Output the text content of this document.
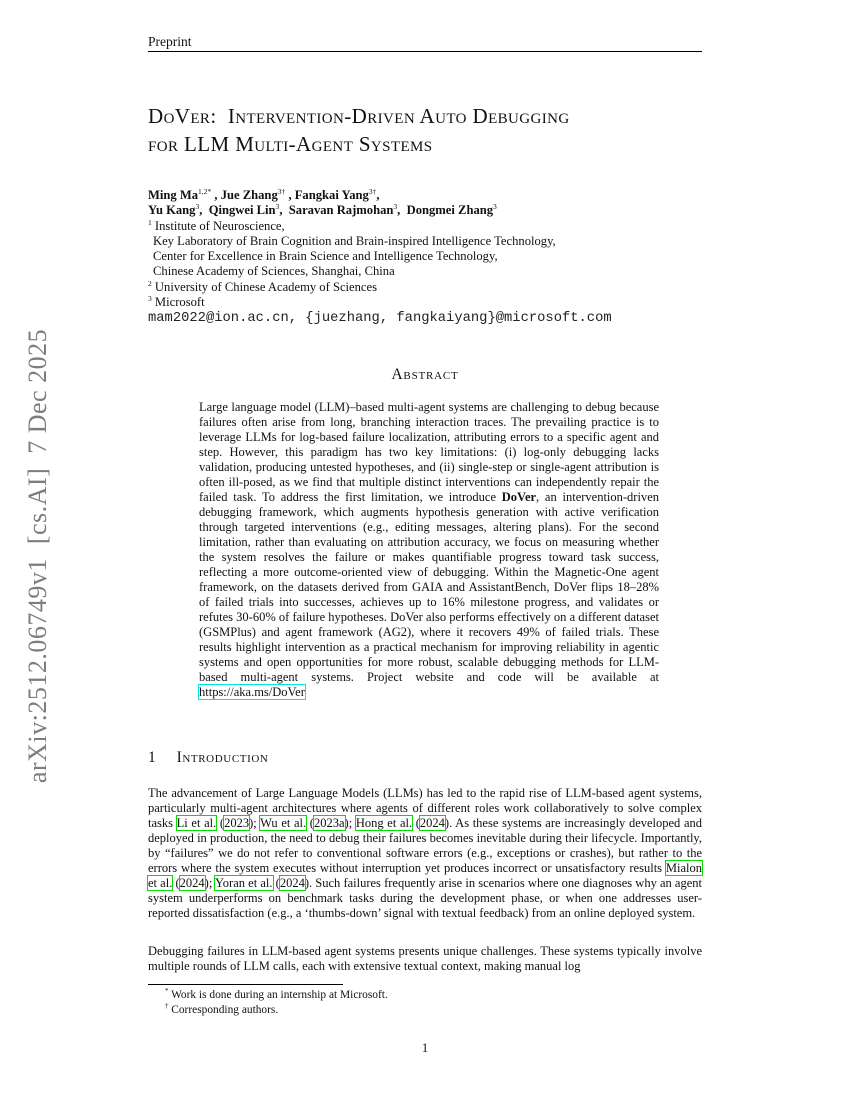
arXiv:2512.06749v1  [cs.AI]  7 Dec 2025
Preprint
DoVer:  Intervention-Driven Auto Debugging
for LLM Multi-Agent Systems
Ming $Ma^{1,2*}$ , Jue Zhang$^{3\dagger}$ , Fangkai Yang$^{3\dagger}$,
Yu Kang$^3$,  Qingwei Lin$^3$,  Saravan Rajmohan$^3$,  Dongmei Zhang$^3$
$^1$ Institute of Neuroscience,
Key Laboratory of Brain Cognition and Brain-inspired Intelligence Technology,
Center for Excellence in Brain Science and Intelligence Technology,
Chinese Academy of Sciences, Shanghai, China
$^2$ University of Chinese Academy of Sciences
$^3$ Microsoft
mam2022@ion.ac.cn, {juezhang, fangkaiyang}@microsoft.com
Abstract

Large language model (LLM)–based multi-agent systems are challenging to debug because failures often arise from long, branching interaction traces. The prevailing practice is to leverage LLMs for log-based failure localization, attributing errors to a specific agent and step. However, this paradigm has two key limitations: (i) log-only debugging lacks validation, producing untested hypotheses, and (ii) single-step or single-agent attribution is often ill-posed, as we find that multiple distinct interventions can independently repair the failed task. To address the first limitation, we introduce DoVer, an intervention-driven debugging framework, which augments hypothesis generation with active verification through targeted interventions (e.g., editing messages, altering plans). For the second limitation, rather than evaluating on attribution accuracy, we focus on measuring whether the system resolves the failure or makes quantifiable progress toward task success, reflecting a more outcome-oriented view of debugging. Within the Magnetic-One agent framework, on the datasets derived from GAIA and AssistantBench, DoVer flips 18–28% of failed trials into successes, achieves up to 16% milestone progress, and validates or refutes 30-60% of failure hypotheses. DoVer also performs effectively on a different dataset (GSMPlus) and agent framework (AG2), where it recovers 49% of failed trials. These results highlight intervention as a practical mechanism for improving reliability in agentic systems and open opportunities for more robust, scalable debugging methods for LLM-based multi-agent systems. Project website and code will be available at https://aka.ms/DoVer

1 Introduction

The advancement of Large Language Models (LLMs) has led to the rapid rise of LLM-based agent systems, particularly multi-agent architectures where agents of different roles work collaboratively to solve complex tasks Li et al. (2023); Wu et al. (2023a); Hong et al. (2024). As these systems are increasingly developed and deployed in production, the need to debug their failures becomes inevitable during their lifecycle. Importantly, by “failures” we do not refer to conventional software errors (e.g., exceptions or crashes), but rather to the errors where the system executes without interruption yet produces incorrect or unsatisfactory results Mialon et al. (2024); Yoran et al. (2024). Such failures frequently arise in scenarios where one diagnoses why an agent system underperforms on benchmark tasks during the development phase, or when one addresses user-reported dissatisfaction (e.g., a ‘thumbs-down’ signal with textual feedback) from an online deployed system.

Debugging failures in LLM-based agent systems presents unique challenges. These systems typically involve multiple rounds of LLM calls, each with extensive textual context, making manual log

* Work is done during an internship at Microsoft.
† Corresponding authors.
1
